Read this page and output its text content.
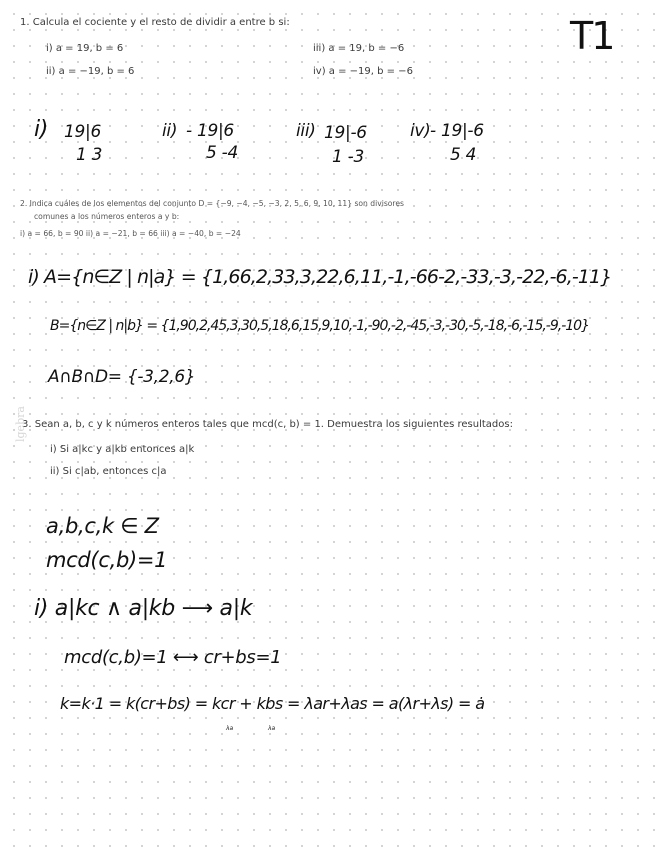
T1
1. Calcula el cociente y el resto de dividir a entre b si:
i) a = 19, b = 6
ii) a = −19, b = 6
iii) a = 19, b = −6
iv) a = −19, b = −6
i) 19|6
1 3
ii) - 19|6
5 -4
iii) 19|-6
1 -3
iv) - 19|-6
5 4
2. Indica cuáles de los elementos del conjunto D = {−9, −4, −5, −3, 2, 5, 6, 9, 10, 11} son divisores
comunes a los números enteros a y b:
i) a = 66, b = 90 ii) a = −21, b = 66 iii) a = −40, b = −24
i) A={n∈Z | n|a} = {1,66,2,33,3,22,6,11,-1,-66-2,-33,-3,-22,-6,-11}
B={n∈Z | n|b} = {1,90,2,45,3,30,5,18,6,15,9,10,-1,-90,-2,-45,-3,-30,-5,-18,-6,-15,-9,-10}
A∩B∩D= {-3,2,6}
3. Sean a, b, c y k números enteros tales que mcd(c, b) = 1. Demuestra los siguientes resultados:
i) Si a|kc y a|kb entonces a|k
ii) Si c|ab, entonces c|a
lgebra
a,b,c,k ∈ Z
mcd(c,b)=1
i) a|kc ∧ a|kb ⟶ a|k
mcd(c,b)=1 ⟷ cr+bs=1
k=k·1 = k(cr+bs) = kcr + kbs = λar+λas = a(λr+λs) = ȧ
λa	λa
